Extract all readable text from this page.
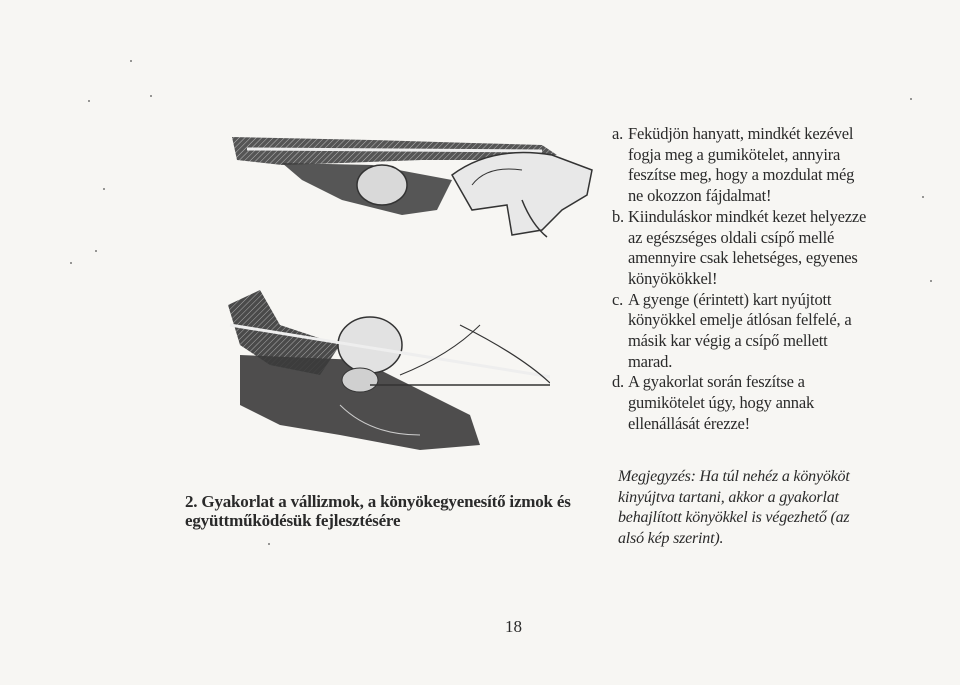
a. Feküdjön hanyatt, mindkét kezével fogja meg a gumikötelet, annyira feszítse meg, hogy a mozdulat még ne okozzon fájdalmat!

b. Kiinduláskor mindkét kezet helyezze az egészséges oldali csípő mellé amennyire csak lehetséges, egyenes könyökökkel!

c. A gyenge (érintett) kart nyújtott könyökkel emelje átlósan felfelé, a másik kar végig a csípő mellett marad.

d. A gyakorlat során feszítse a gumikötelet úgy, hogy annak ellenállását érezze!

2. Gyakorlat a vállizmok, a könyökegyenesítő izmok és együttműködésük fejlesztésére
Megjegyzés: Ha túl nehéz a könyököt kinyújtva tartani, akkor a gyakorlat behajlított könyökkel is végezhető (az alsó kép szerint).
18
